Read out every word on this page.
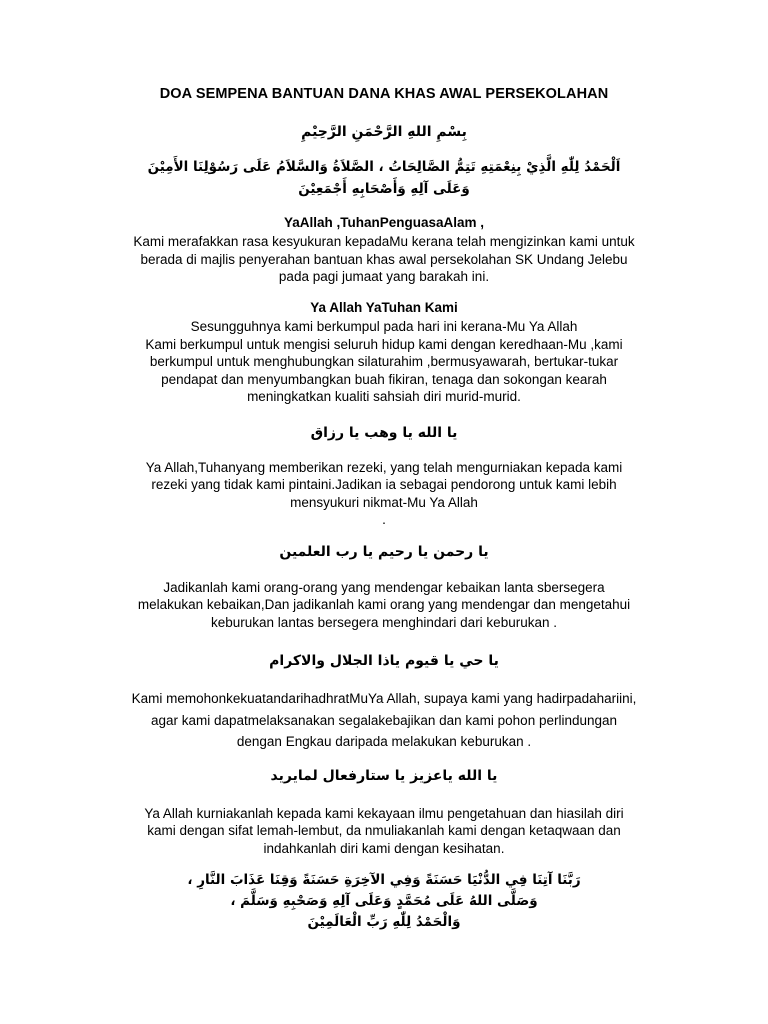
DOA SEMPENA BANTUAN DANA KHAS AWAL PERSEKOLAHAN
بِسْمِ اللهِ الرَّحْمَنِ الرَّحِيْمِ
اَلْحَمْدُ لِلّٰهِ الَّذِيْ بِنِعْمَتِهِ تَتِمُّ الصَّالِحَاتُ ، الصَّلاَةُ وَالسَّلاَمُ عَلَى رَسُوْلِنَا الأَمِيْنَ
وَعَلَى آلِهِ وَأَصْحَابِهِ أَجْمَعِيْنَ
YaAllah ,TuhanPenguasaAlam ,
Kami merafakkan rasa kesyukuran kepadaMu kerana telah mengizinkan kami untuk
berada di majlis penyerahan bantuan khas awal persekolahan SK Undang Jelebu
pada pagi jumaat yang barakah ini.
Ya Allah YaTuhan Kami
Sesungguhnya kami berkumpul pada hari ini kerana-Mu Ya Allah
Kami berkumpul untuk mengisi seluruh hidup kami dengan keredhaan-Mu ,kami
berkumpul untuk menghubungkan silaturahim ,bermusyawarah, bertukar-tukar
pendapat dan menyumbangkan buah fikiran, tenaga dan sokongan kearah
meningkatkan kualiti sahsiah diri murid-murid.
يا الله يا وهب يا رزاق
Ya Allah,Tuhanyang memberikan rezeki, yang telah mengurniakan kepada kami
rezeki yang tidak kami pintaini.Jadikan ia sebagai pendorong untuk kami lebih
mensyukuri nikmat-Mu Ya Allah
.
يا رحمن يا رحيم يا رب العلمين
Jadikanlah kami orang-orang yang mendengar kebaikan lanta sbersegera
melakukan kebaikan,Dan jadikanlah kami orang yang mendengar dan mengetahui
keburukan lantas bersegera menghindari dari keburukan .
يا حي يا قيوم ياذا الجلال والاكرام
Kami memohonkekuatandarihadhratMuYa Allah, supaya kami yang hadirpadahariini,
agar kami dapatmelaksanakan segalakebajikan dan kami pohon perlindungan
dengan Engkau daripada melakukan keburukan .
يا الله ياعزيز يا ستارفعال لمايريد
Ya Allah kurniakanlah kepada kami kekayaan ilmu pengetahuan dan hiasilah diri
kami dengan sifat lemah-lembut, da nmuliakanlah kami dengan ketaqwaan dan
indahkanlah diri kami dengan kesihatan.
رَبَّنَا آتِنَا فِي الدُّنْيَا حَسَنَةً وَفِي الآخِرَةِ حَسَنَةً وَقِنَا عَذَابَ النَّارِ ،
وَصَلَّى اللهُ عَلَى مُحَمَّدٍ وَعَلَى آلِهِ وَصَحْبِهِ وَسَلَّمَ ،
وَالْحَمْدُ لِلّٰهِ رَبِّ الْعَالَمِيْنَ
